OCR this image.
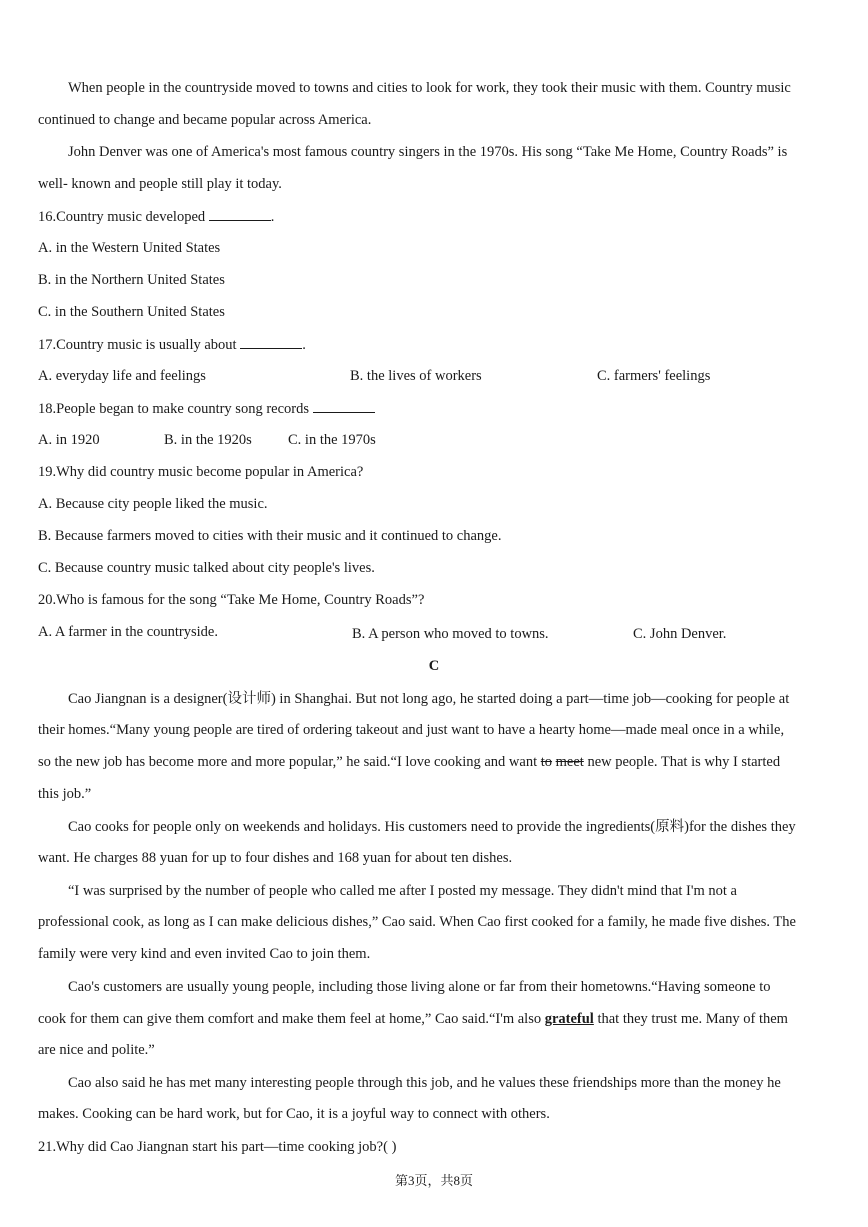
When people in the countryside moved to towns and cities to look for work, they took their music with them. Country music
continued to change and became popular across America.
John Denver was one of America's most famous country singers in the 1970s. His song “Take Me Home, Country Roads” is
well- known and people still play it today.
16.Country music developed	.
A. in the Western United States
B. in the Northern United States
C. in the Southern United States
17.Country music is usually about	.
A. everyday life and feelings	B. the lives of workers	C. farmers' feelings
18.People began to make country song records
A. in 1920	B. in the 1920s C. in the 1970s
19.Why did country music become popular in America?
A. Because city people liked the music.
B. Because farmers moved to cities with their music and it continued to change.
C. Because country music talked about city people's lives.
20.Who is famous for the song “Take Me Home, Country Roads”?
A. A farmer in the countryside.	B. A person who moved to towns.	C. John Denver.
C
Cao Jiangnan is a designer(设计师) in Shanghai. But not long ago, he started doing a part—time job—cooking for people at
their homes.“Many young people are tired of ordering takeout and just want to have a hearty home—made meal once in a while,
so the new job has become more and more popular,” he said.“I love cooking and want to meet new people. That is why I started
this job.”
Cao cooks for people only on weekends and holidays. His customers need to provide the ingredients(原料)for the dishes they
want. He charges 88 yuan for up to four dishes and 168 yuan for about ten dishes.
“I was surprised by the number of people who called me after I posted my message. They didn't mind that I'm not a
professional cook, as long as I can make delicious dishes,” Cao said. When Cao first cooked for a family, he made five dishes. The
family were very kind and even invited Cao to join them.
Cao's customers are usually young people, including those living alone or far from their hometowns.“Having someone to
cook for them can give them comfort and make them feel at home,” Cao said.“I'm also grateful that they trust me. Many of them
are nice and polite.”
Cao also said he has met many interesting people through this job, and he values these friendships more than the money he
makes. Cooking can be hard work, but for Cao, it is a joyful way to connect with others.
21.Why did Cao Jiangnan start his part—time cooking job?( )
第3页，共8页
